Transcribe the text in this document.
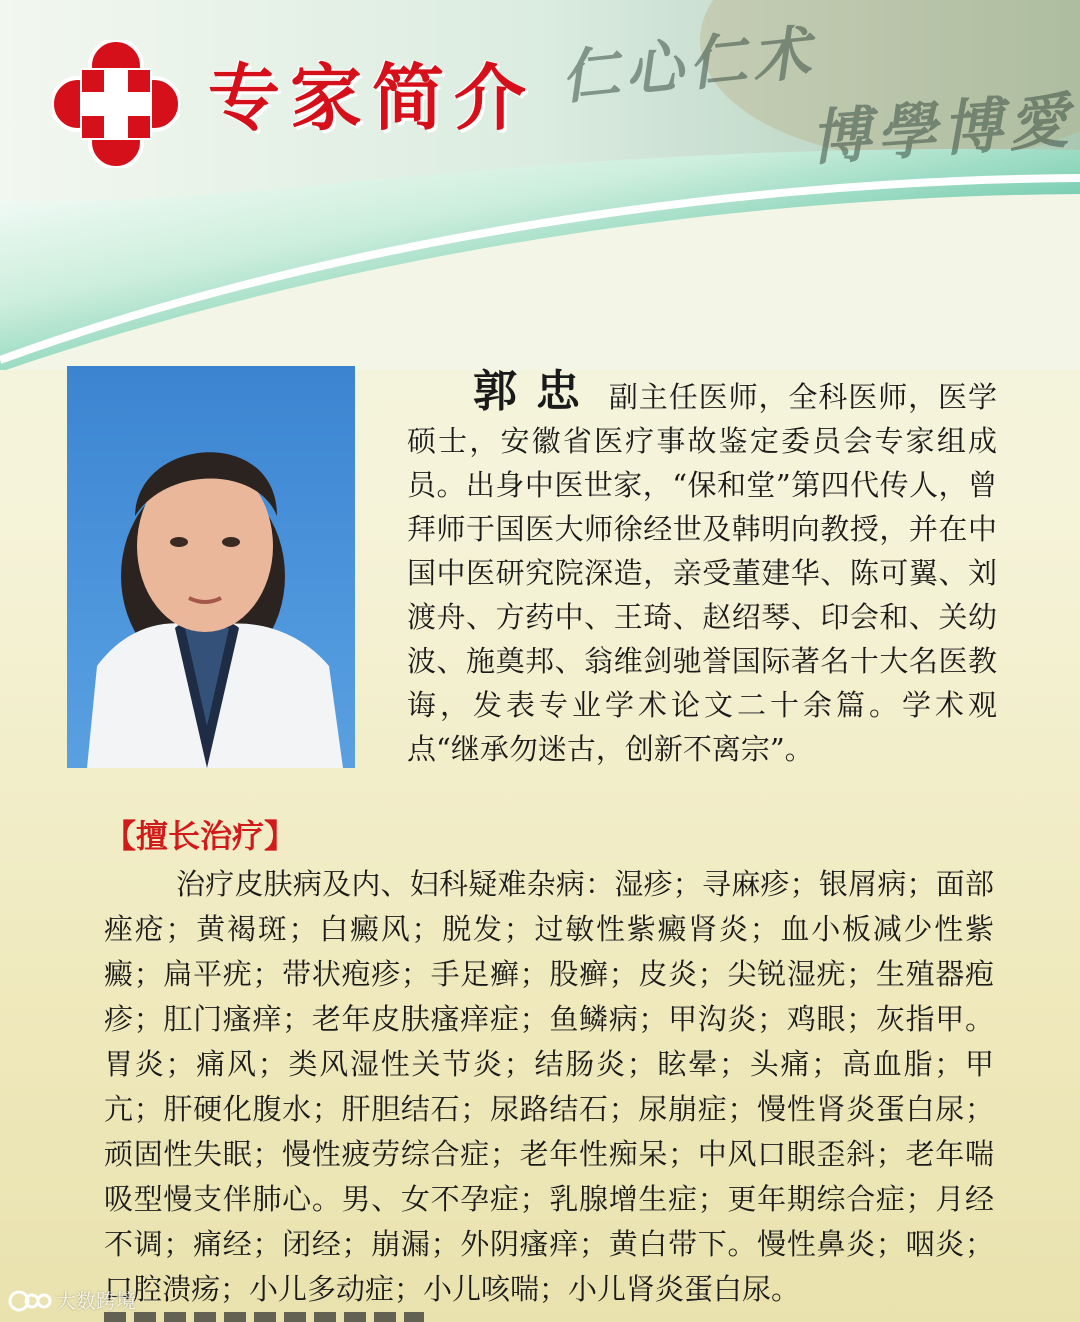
专家简介 仁心仁术
博學博愛

郭忠 副主任医师，全科医师，医学硕士，安徽省医疗事故鉴定委员会专家组成员。出身中医世家，“保和堂”第四代传人，曾拜师于国医大师徐经世及韩明向教授，并在中国中医研究院深造，亲受董建华、陈可翼、刘渡舟、方药中、王琦、赵绍琴、印会和、关幼波、施奠邦、翁维剑驰誉国际著名十大名医教诲，发表专业学术论文二十余篇。学术观点“继承勿迷古，创新不离宗”。

【擅长治疗】

治疗皮肤病及内、妇科疑难杂病：湿疹；寻麻疹；银屑病；面部痤疮；黄褐斑；白癜风；脱发；过敏性紫癜肾炎；血小板减少性紫癜；扁平疣；带状疱疹；手足癣；股癣；皮炎；尖锐湿疣；生殖器疱疹；肛门瘙痒；老年皮肤瘙痒症；鱼鳞病；甲沟炎；鸡眼；灰指甲。胃炎；痛风；类风湿性关节炎；结肠炎；眩晕；头痛；高血脂；甲亢；肝硬化腹水；肝胆结石；尿路结石；尿崩症；慢性肾炎蛋白尿；顽固性失眠；慢性疲劳综合症；老年性痴呆；中风口眼歪斜；老年喘吸型慢支伴肺心。男、女不孕症；乳腺增生症；更年期综合症；月经不调；痛经；闭经；崩漏；外阴瘙痒；黄白带下。慢性鼻炎；咽炎；口腔溃疡；小儿多动症；小儿咳喘；小儿肾炎蛋白尿。

大数跨境
